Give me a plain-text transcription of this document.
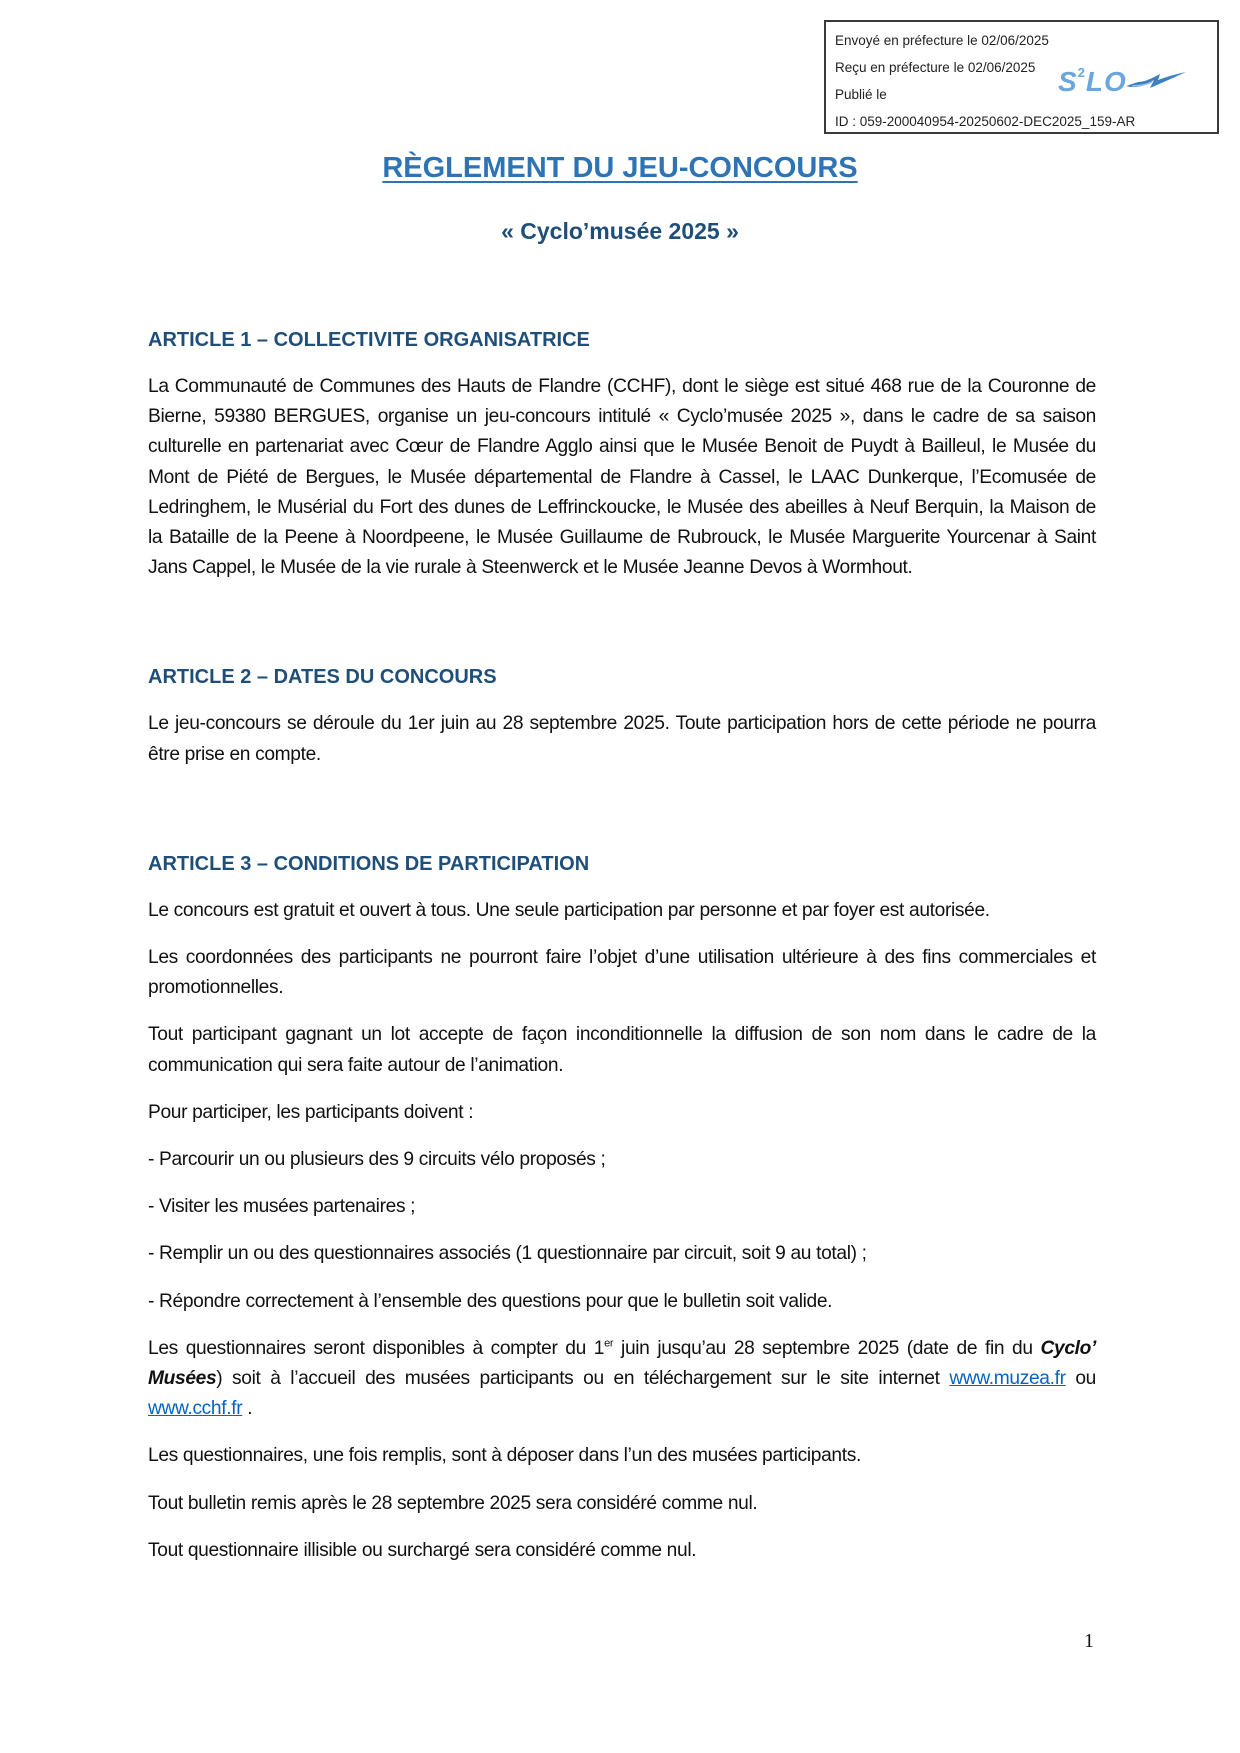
Envoyé en préfecture le 02/06/2025
Reçu en préfecture le 02/06/2025
Publié le
ID : 059-200040954-20250602-DEC2025_159-AR
$S^2LO$
RÈGLEMENT DU JEU-CONCOURS
« Cyclo’musée 2025 »
ARTICLE 1 – COLLECTIVITE ORGANISATRICE

La Communauté de Communes des Hauts de Flandre (CCHF), dont le siège est situé 468 rue de la Couronne de Bierne, 59380 BERGUES, organise un jeu-concours intitulé « Cyclo’musée 2025 », dans le cadre de sa saison culturelle en partenariat avec Cœur de Flandre Agglo ainsi que le Musée Benoit de Puydt à Bailleul, le Musée du Mont de Piété de Bergues, le Musée départemental de Flandre à Cassel, le LAAC Dunkerque, l’Ecomusée de Ledringhem, le Musérial du Fort des dunes de Leffrinckoucke, le Musée des abeilles à Neuf Berquin, la Maison de la Bataille de la Peene à Noordpeene, le Musée Guillaume de Rubrouck, le Musée Marguerite Yourcenar à Saint Jans Cappel, le Musée de la vie rurale à Steenwerck et le Musée Jeanne Devos à Wormhout.

ARTICLE 2 – DATES DU CONCOURS

Le jeu-concours se déroule du 1er juin au 28 septembre 2025. Toute participation hors de cette période ne pourra être prise en compte.

ARTICLE 3 – CONDITIONS DE PARTICIPATION

Le concours est gratuit et ouvert à tous. Une seule participation par personne et par foyer est autorisée.

Les coordonnées des participants ne pourront faire l’objet d’une utilisation ultérieure à des fins commerciales et promotionnelles.

Tout participant gagnant un lot accepte de façon inconditionnelle la diffusion de son nom dans le cadre de la communication qui sera faite autour de l’animation.

Pour participer, les participants doivent :

- Parcourir un ou plusieurs des 9 circuits vélo proposés ;

- Visiter les musées partenaires ;

- Remplir un ou des questionnaires associés (1 questionnaire par circuit, soit 9 au total) ;

- Répondre correctement à l’ensemble des questions pour que le bulletin soit valide.

Les questionnaires seront disponibles à compter du 1er juin jusqu’au 28 septembre 2025 (date de fin du Cyclo’ Musées) soit à l’accueil des musées participants ou en téléchargement sur le site internet www.muzea.fr ou www.cchf.fr .

Les questionnaires, une fois remplis, sont à déposer dans l’un des musées participants.

Tout bulletin remis après le 28 septembre 2025 sera considéré comme nul.

Tout questionnaire illisible ou surchargé sera considéré comme nul.

1
